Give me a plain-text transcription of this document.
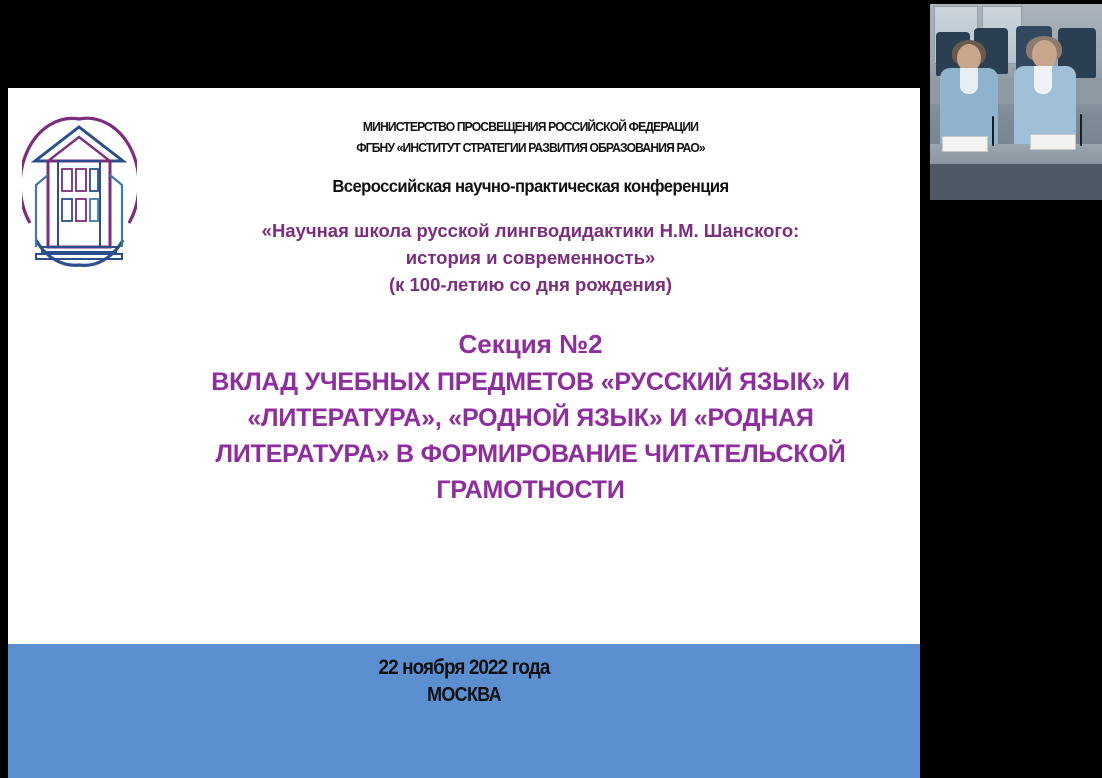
МИНИСТЕРСТВО ПРОСВЕЩЕНИЯ РОССИЙСКОЙ ФЕДЕРАЦИИ
ФГБНУ «ИНСТИТУТ СТРАТЕГИИ РАЗВИТИЯ ОБРАЗОВАНИЯ РАО»
Всероссийская научно-практическая конференция
«Научная школа русской лингводидактики Н.М. Шанского:
история и современность»
(к 100-летию со дня рождения)
Секция №2
ВКЛАД УЧЕБНЫХ ПРЕДМЕТОВ «РУССКИЙ ЯЗЫК» И
«ЛИТЕРАТУРА», «РОДНОЙ ЯЗЫК» И «РОДНАЯ
ЛИТЕРАТУРА» В ФОРМИРОВАНИЕ ЧИТАТЕЛЬСКОЙ
ГРАМОТНОСТИ
22 ноября 2022 года
МОСКВА
